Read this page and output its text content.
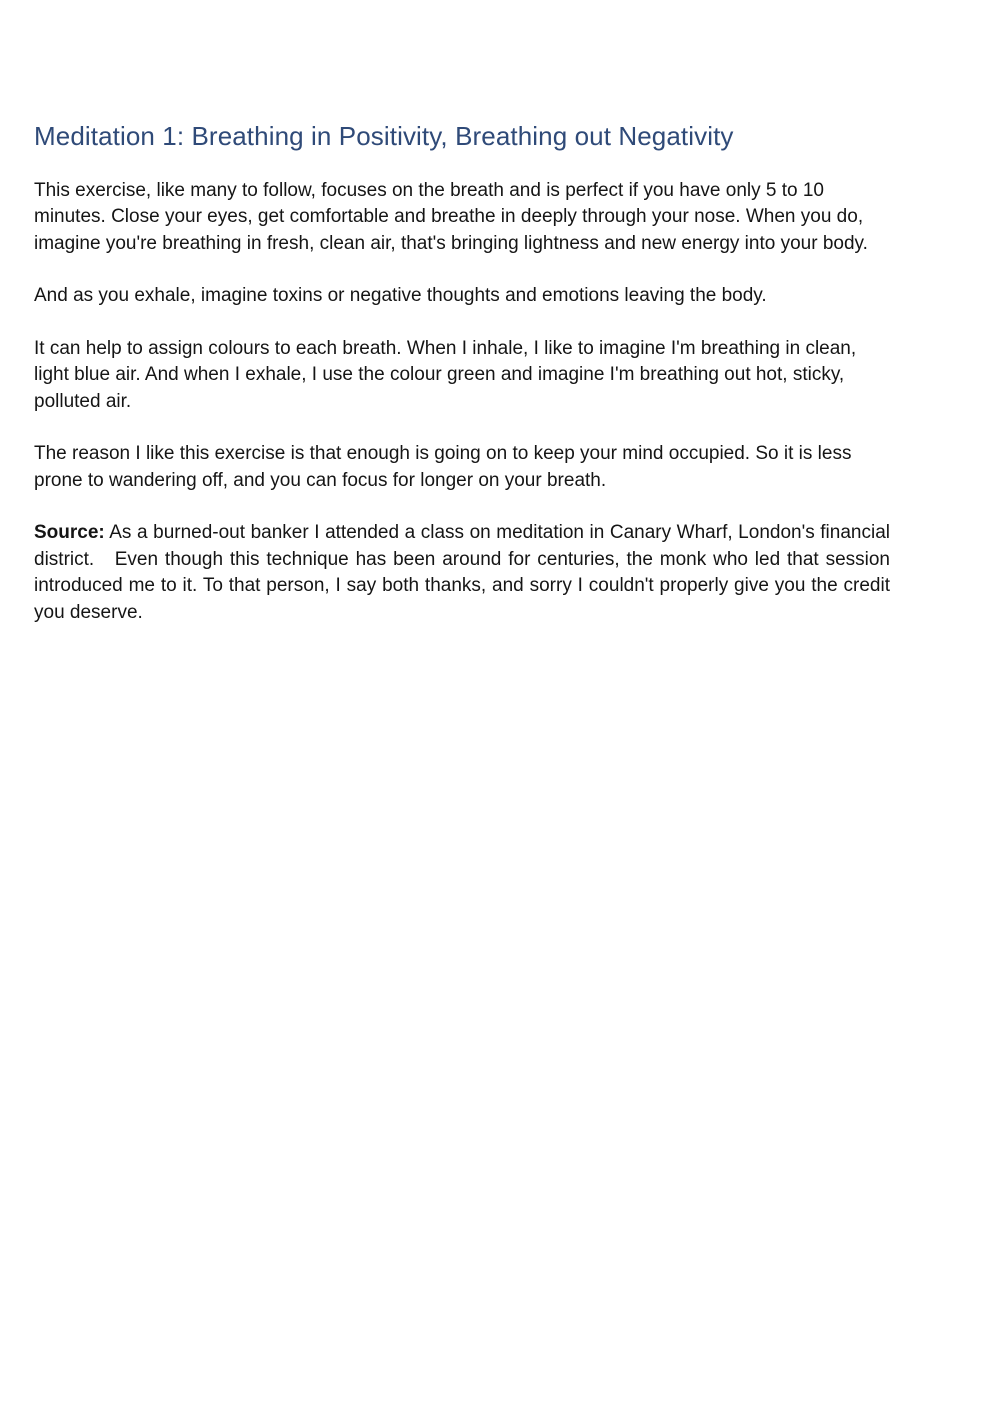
Meditation 1: Breathing in Positivity, Breathing out Negativity

This exercise, like many to follow, focuses on the breath and is perfect if you have only 5 to 10 minutes. Close your eyes, get comfortable and breathe in deeply through your nose. When you do, imagine you're breathing in fresh, clean air, that's bringing lightness and new energy into your body.

And as you exhale, imagine toxins or negative thoughts and emotions leaving the body.

It can help to assign colours to each breath. When I inhale, I like to imagine I'm breathing in clean, light blue air. And when I exhale, I use the colour green and imagine I'm breathing out hot, sticky, polluted air.

The reason I like this exercise is that enough is going on to keep your mind occupied. So it is less prone to wandering off, and you can focus for longer on your breath.

Source: As a burned-out banker I attended a class on meditation in Canary Wharf, London's financial district.   Even though this technique has been around for centuries, the monk who led that session introduced me to it. To that person, I say both thanks, and sorry I couldn't properly give you the credit you deserve.
